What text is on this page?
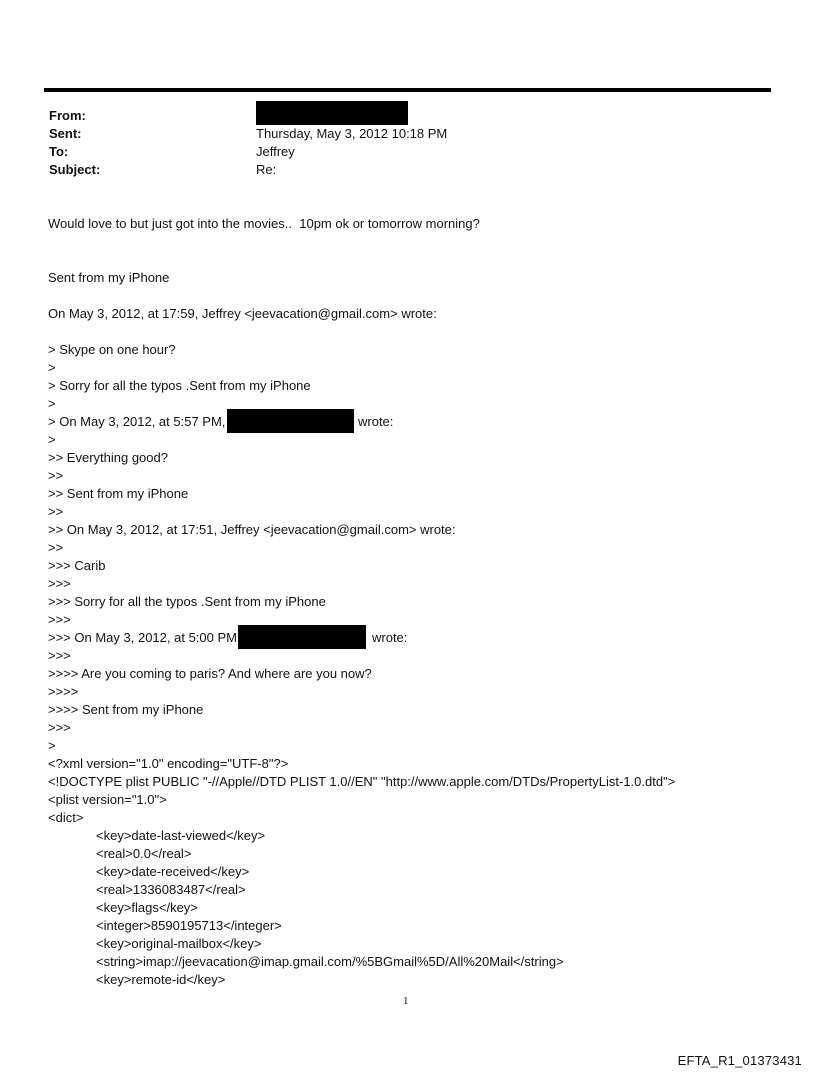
From:
Sent:	Thursday, May 3, 2012 10:18 PM
To:	Jeffrey
Subject:	Re:
Would love to but just got into the movies..  10pm ok or tomorrow morning?
Sent from my iPhone
On May 3, 2012, at 17:59, Jeffrey <jeevacation@gmail.com> wrote:
> Skype on one hour?
>
> Sorry for all the typos .Sent from my iPhone
>
> On May 3, 2012, at 5:57 PM,	wrote:
>
>> Everything good?
>>
>> Sent from my iPhone
>>
>> On May 3, 2012, at 17:51, Jeffrey <jeevacation@gmail.com> wrote:
>>
>>> Carib
>>>
>>> Sorry for all the typos .Sent from my iPhone
>>>
>>> On May 3, 2012, at 5:00 PM	wrote:
>>>
>>>> Are you coming to paris? And where are you now?
>>>>
>>>> Sent from my iPhone
>>>
>
<?xml version="1.0" encoding="UTF-8"?>
<!DOCTYPE plist PUBLIC "-//Apple//DTD PLIST 1.0//EN" "http://www.apple.com/DTDs/PropertyList-1.0.dtd">
<plist version="1.0">
<dict>
<key>date-last-viewed</key>
<real>0.0</real>
<key>date-received</key>
<real>1336083487</real>
<key>flags</key>
<integer>8590195713</integer>
<key>original-mailbox</key>
<string>imap://jeevacation@imap.gmail.com/%5BGmail%5D/All%20Mail</string>
<key>remote-id</key>
1
EFTA_R1_01373431
